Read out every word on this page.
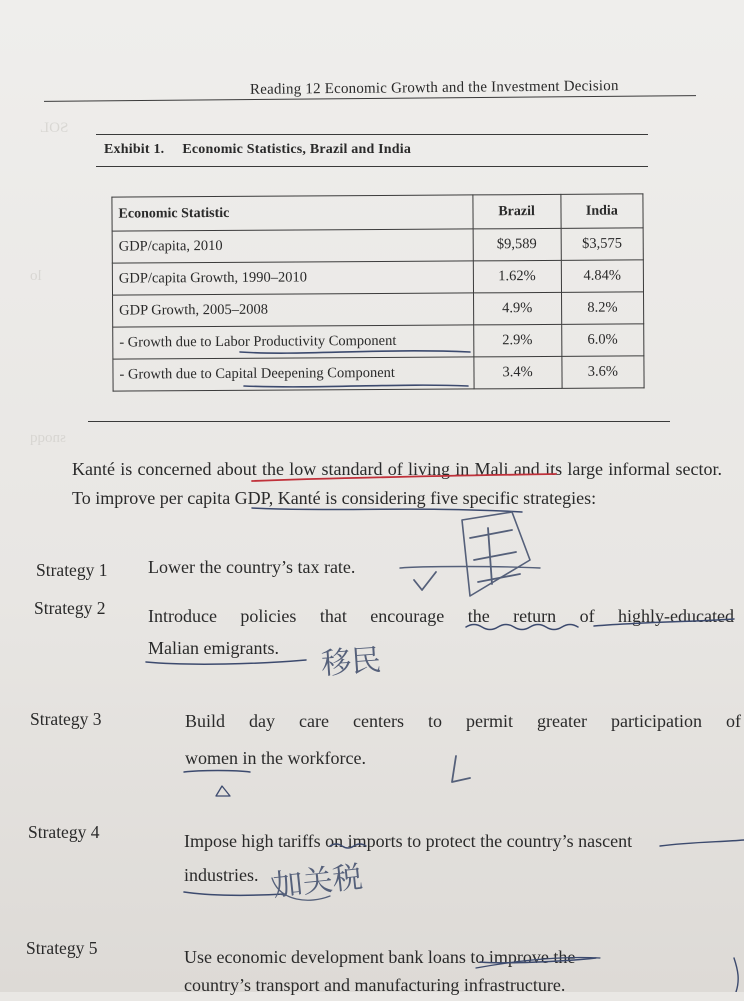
SOL
lo
snoqq
Reading 12 Economic Growth and the Investment Decision
Exhibit 1. Economic Statistics, Brazil and India
Economic Statistic	Brazil	India
GDP/capita, 2010	$9,589	$3,575
GDP/capita Growth, 1990–2010	1.62%	4.84%
GDP Growth, 2005–2008	4.9%	8.2%
- Growth due to Labor Productivity Component	2.9%	6.0%
- Growth due to Capital Deepening Component	3.4%	3.6%
Kanté is concerned about the low standard of living in Mali and its large informal sector. To improve per capita GDP, Kanté is considering five specific strategies:
Strategy 1 Lower the country’s tax rate.
Strategy 2 Introduce policies that encourage the return of highly-educated
Malian emigrants.
Strategy 3	Build day care centers to permit greater participation of
women in the workforce.
Strategy 4	Impose high tariffs on imports to protect the country’s nascent
industries.
Strategy 5	Use economic development bank loans to improve the
country’s transport and manufacturing infrastructure.
移民
加关税
